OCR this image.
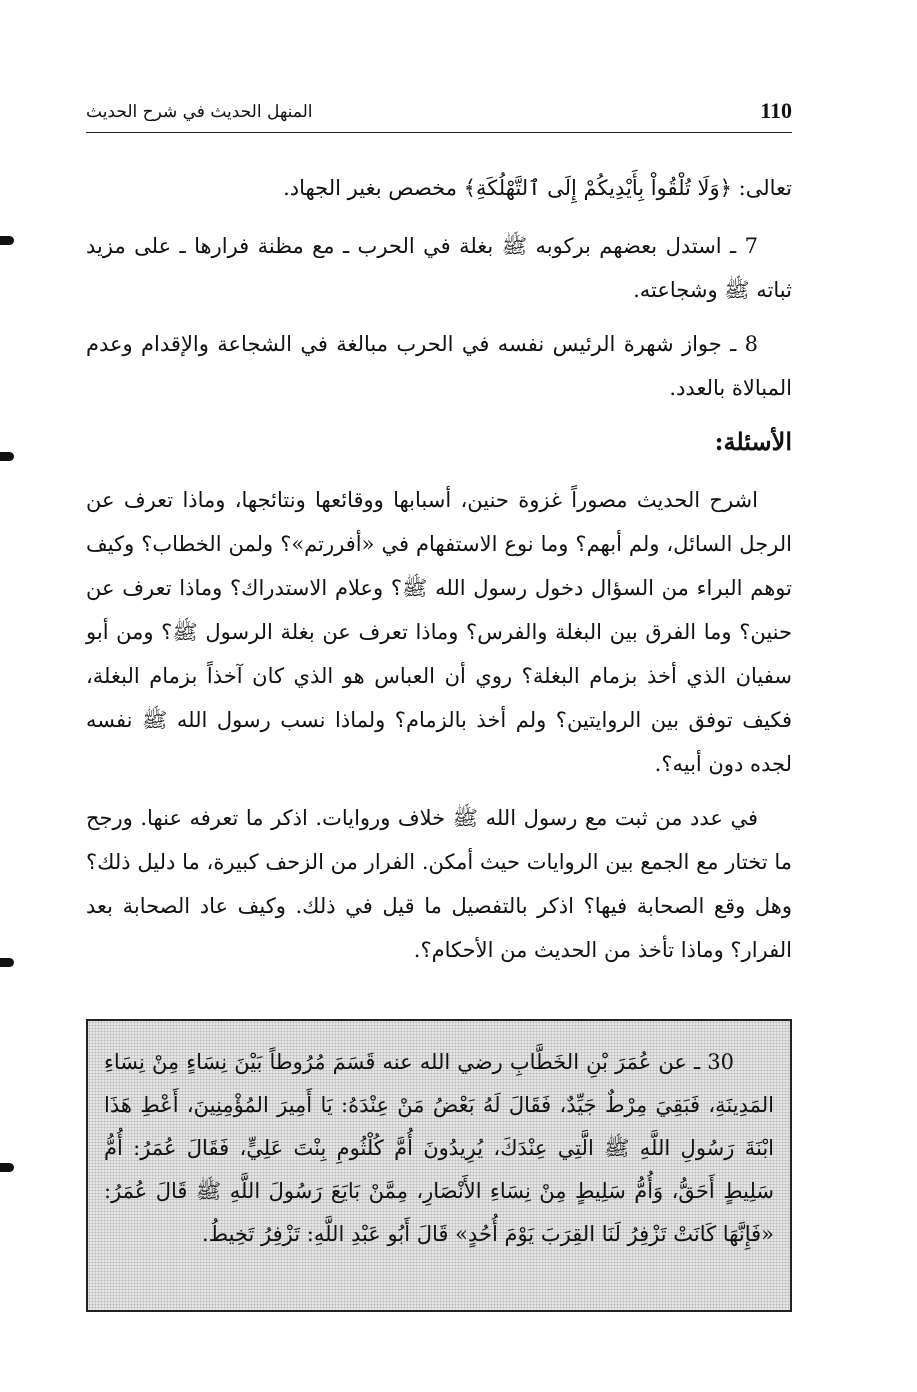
110
المنهل الحديث في شرح الحديث

تعالى: ﴿وَلَا تُلْقُواْ بِأَيْدِيكُمْ إِلَى ٱلتَّهْلُكَةِ﴾ مخصص بغير الجهاد.

7 ـ استدل بعضهم بركوبه ﷺ بغلة في الحرب ـ مع مظنة فرارها ـ على مزيد ثباته ﷺ وشجاعته.

8 ـ جواز شهرة الرئيس نفسه في الحرب مبالغة في الشجاعة والإقدام وعدم المبالاة بالعدد.

الأسئلة:

اشرح الحديث مصوراً غزوة حنين، أسبابها ووقائعها ونتائجها، وماذا تعرف عن الرجل السائل، ولم أبهم؟ وما نوع الاستفهام في «أفررتم»؟ ولمن الخطاب؟ وكيف توهم البراء من السؤال دخول رسول الله ﷺ؟ وعلام الاستدراك؟ وماذا تعرف عن حنين؟ وما الفرق بين البغلة والفرس؟ وماذا تعرف عن بغلة الرسول ﷺ؟ ومن أبو سفيان الذي أخذ بزمام البغلة؟ روي أن العباس هو الذي كان آخذاً بزمام البغلة، فكيف توفق بين الروايتين؟ ولم أخذ بالزمام؟ ولماذا نسب رسول الله ﷺ نفسه لجده دون أبيه؟.

في عدد من ثبت مع رسول الله ﷺ خلاف وروايات. اذكر ما تعرفه عنها. ورجح ما تختار مع الجمع بين الروايات حيث أمكن. الفرار من الزحف كبيرة، ما دليل ذلك؟ وهل وقع الصحابة فيها؟ اذكر بالتفصيل ما قيل في ذلك. وكيف عاد الصحابة بعد الفرار؟ وماذا تأخذ من الحديث من الأحكام؟.

30 ـ عن عُمَرَ بْنِ الخَطَّابِ رضي الله عنه قَسَمَ مُرُوطاً بَيْنَ نِسَاءٍ مِنْ نِسَاءِ المَدِينَةِ، فَبَقِيَ مِرْطٌ جَيِّدٌ، فَقَالَ لَهُ بَعْضُ مَنْ عِنْدَهُ: يَا أَمِيرَ المُؤْمِنِينَ، أَعْطِ هَذَا ابْنَةَ رَسُولِ اللَّهِ ﷺ الَّتِي عِنْدَكَ، يُرِيدُونَ أُمَّ كُلْثُومِ بِنْتَ عَلِيٍّ، فَقَالَ عُمَرُ: أُمُّ سَلِيطٍ أَحَقُّ، وَأُمُّ سَلِيطٍ مِنْ نِسَاءِ الأَنْصَارِ، مِمَّنْ بَايَعَ رَسُولَ اللَّهِ ﷺ قَالَ عُمَرُ: «فَإِنَّهَا كَانَتْ تَزْفِرُ لَنَا القِرَبَ يَوْمَ أُحُدٍ» قَالَ أَبُو عَبْدِ اللَّهِ: تَزْفِرُ تَخِيطُ.
